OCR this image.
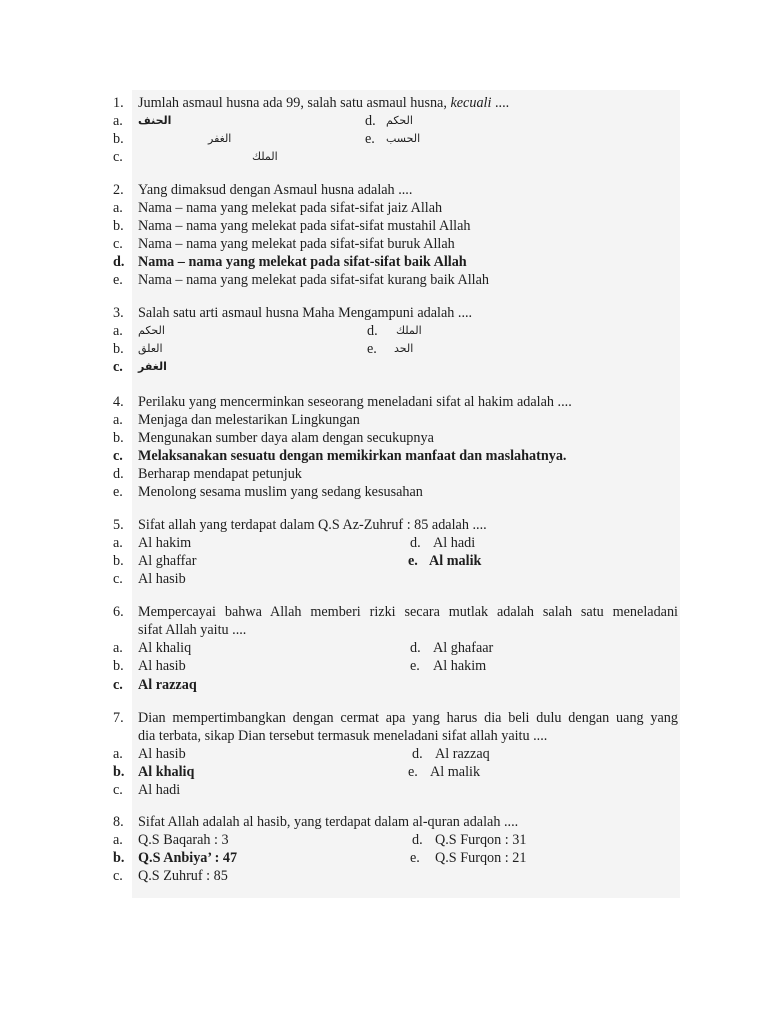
1. Jumlah asmaul husna ada 99, salah satu asmaul husna, kecuali ....
a. الحنف
b.	الغفر
c.	الملك
d. الحكم
e. الحسب
2. Yang dimaksud dengan Asmaul husna adalah ....
a. Nama – nama yang melekat pada sifat-sifat jaiz Allah
b. Nama – nama yang melekat pada sifat-sifat mustahil Allah
c. Nama – nama yang melekat pada sifat-sifat buruk Allah
d. Nama – nama yang melekat pada sifat-sifat baik Allah
e. Nama – nama yang melekat pada sifat-sifat kurang baik Allah
3. Salah satu arti asmaul husna Maha Mengampuni adalah ....
a. الحكم
b. العلق
c. الغفر
d. الملك
e. الحد
4. Perilaku yang mencerminkan seseorang meneladani sifat al hakim adalah ....
a. Menjaga dan melestarikan Lingkungan
b. Mengunakan sumber daya alam dengan secukupnya
c. Melaksanakan sesuatu dengan memikirkan manfaat dan maslahatnya.
d. Berharap mendapat petunjuk
e. Menolong sesama muslim yang sedang kesusahan
5. Sifat allah yang terdapat dalam Q.S Az-Zuhruf : 85 adalah ....
a. Al hakim
b. Al ghaffar
c. Al hasib
d. Al hadi
e. Al malik
6. Mempercayai bahwa Allah memberi rizki secara mutlak adalah salah satu meneladani
sifat Allah yaitu ....
a. Al khaliq
b. Al hasib
c. Al razzaq
d. Al ghafaar
e. Al hakim
7. Dian mempertimbangkan dengan cermat apa yang harus dia beli dulu dengan uang yang
dia terbata, sikap Dian tersebut termasuk meneladani sifat allah yaitu ....
a. Al hasib
b. Al khaliq
c. Al hadi
d. Al razzaq
e. Al malik
8. Sifat Allah adalah al hasib, yang terdapat dalam al-quran adalah ....
a. Q.S Baqarah : 3
b. Q.S Anbiya’ : 47
c. Q.S Zuhruf : 85
d. Q.S Furqon : 31
e. Q.S Furqon : 21
